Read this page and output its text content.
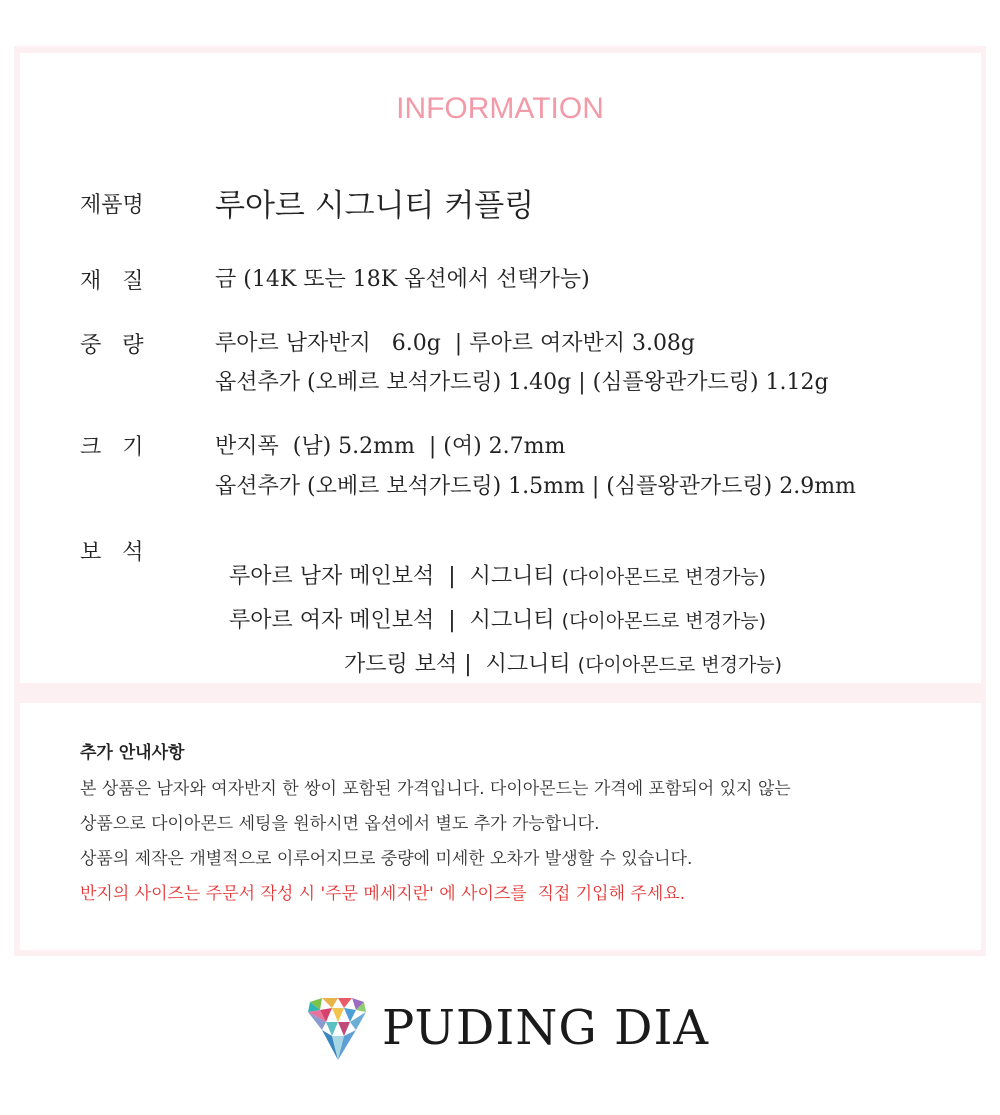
INFORMATION
제품명 루아르 시그니티 커플링
재   질	금 (14K 또는 18K 옵션에서 선택가능)
중   량	루아르 남자반지   6.0g  | 루아르 여자반지 3.08g
옵션추가 (오베르 보석가드링) 1.40g | (심플왕관가드링) 1.12g
크   기	반지폭  (남) 5.2mm  | (여) 2.7mm
옵션추가 (오베르 보석가드링) 1.5mm | (심플왕관가드링) 2.9mm
보   석

루아르 남자 메인보석  |  시그니티 (다이아몬드로 변경가능)

루아르 여자 메인보석  |  시그니티 (다이아몬드로 변경가능)

가드링 보석 |  시그니티 (다이아몬드로 변경가능)

추가 안내사항
본 상품은 남자와 여자반지 한 쌍이 포함된 가격입니다. 다이아몬드는 가격에 포함되어 있지 않는
상품으로 다이아몬드 세팅을 원하시면 옵션에서 별도 추가 가능합니다.
상품의 제작은 개별적으로 이루어지므로 중량에 미세한 오차가 발생할 수 있습니다.
반지의 사이즈는 주문서 작성 시 '주문 메세지란' 에 사이즈를  직접 기입해 주세요.
PUDING DIA
